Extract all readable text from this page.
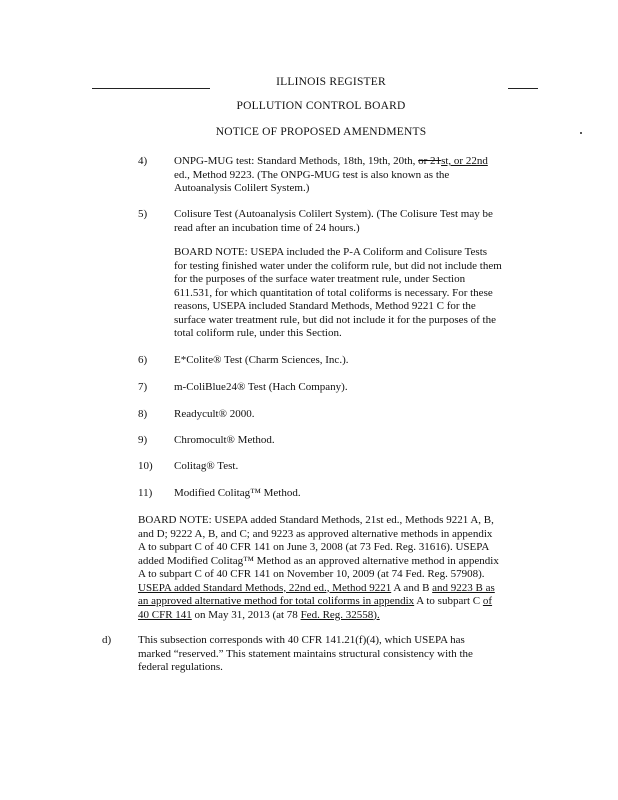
ILLINOIS REGISTER
POLLUTION CONTROL BOARD
NOTICE OF PROPOSED AMENDMENTS
4) ONPG-MUG test: Standard Methods, 18th, 19th, 20th, or 21st, or 22nd
ed., Method 9223. (The ONPG-MUG test is also known as the
Autoanalysis Colilert System.)
5) Colisure Test (Autoanalysis Colilert System). (The Colisure Test may be
read after an incubation time of 24 hours.)
BOARD NOTE: USEPA included the P-A Coliform and Colisure Tests
for testing finished water under the coliform rule, but did not include them
for the purposes of the surface water treatment rule, under Section
611.531, for which quantitation of total coliforms is necessary. For these
reasons, USEPA included Standard Methods, Method 9221 C for the
surface water treatment rule, but did not include it for the purposes of the
total coliform rule, under this Section.
6) E*Colite® Test (Charm Sciences, Inc.).
7) m-ColiBlue24® Test (Hach Company).
8) Readycult® 2000.
9) Chromocult® Method.
10) Colitag® Test.
11) Modified Colitag™ Method.
BOARD NOTE: USEPA added Standard Methods, 21st ed., Methods 9221 A, B,
and D; 9222 A, B, and C; and 9223 as approved alternative methods in appendix
A to subpart C of 40 CFR 141 on June 3, 2008 (at 73 Fed. Reg. 31616). USEPA
added Modified Colitag™ Method as an approved alternative method in appendix
A to subpart C of 40 CFR 141 on November 10, 2009 (at 74 Fed. Reg. 57908).
USEPA added Standard Methods, 22nd ed., Method 9221 A and B and 9223 B as
an approved alternative method for total coliforms in appendix A to subpart C of
40 CFR 141 on May 31, 2013 (at 78 Fed. Reg. 32558).
d) This subsection corresponds with 40 CFR 141.21(f)(4), which USEPA has
marked “reserved.” This statement maintains structural consistency with the
federal regulations.
